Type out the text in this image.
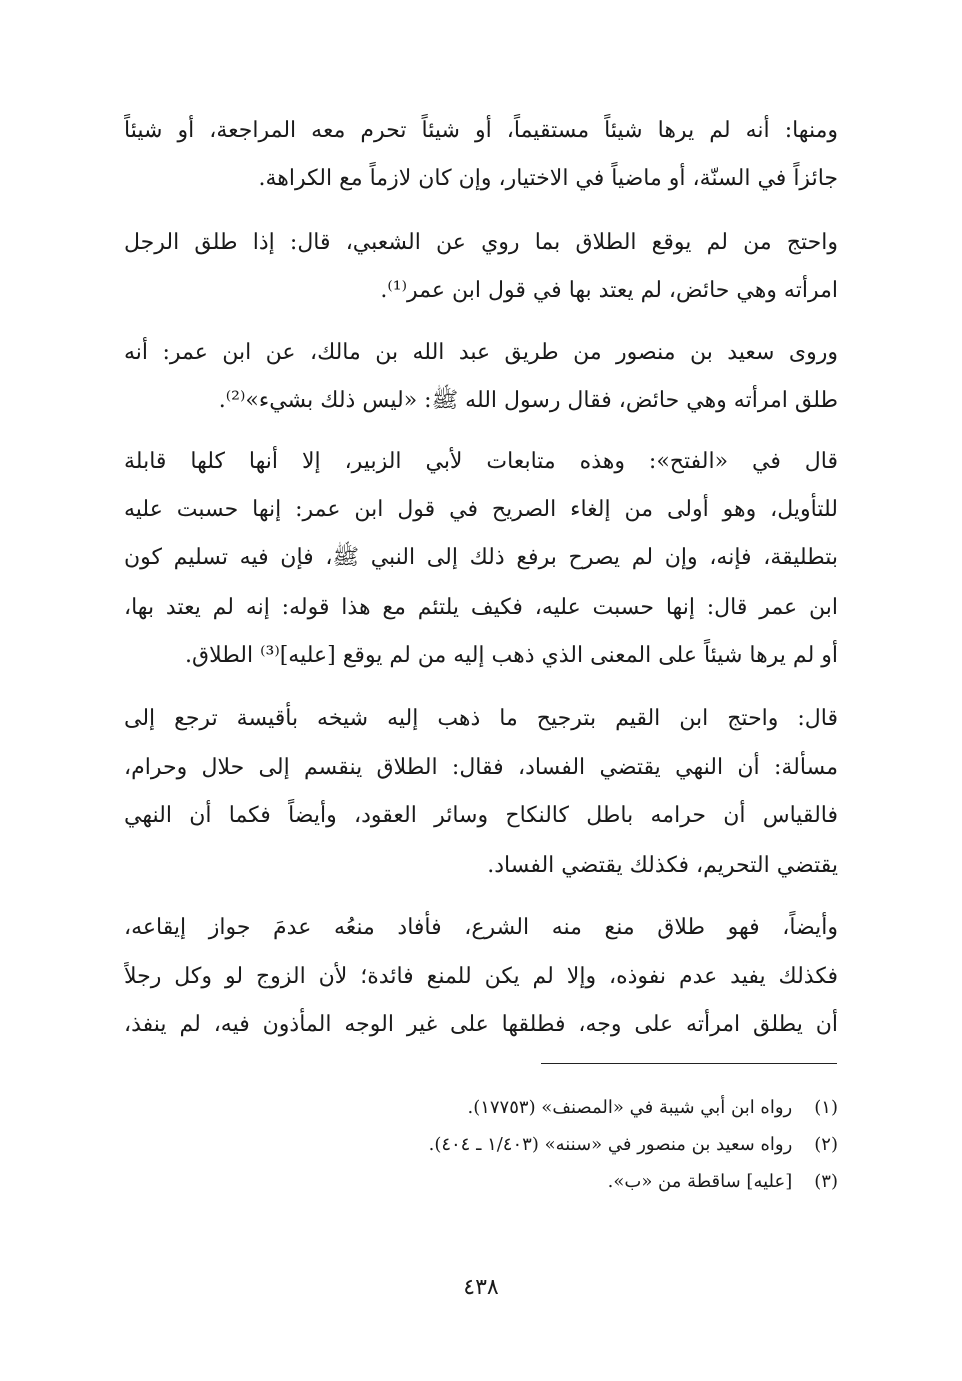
ومنها: أنه لم يرها شيئاً مستقيماً، أو شيئاً تحرم معه المراجعة، أو شيئاً
جائزاً في السنّة، أو ماضياً في الاختيار، وإن كان لازماً مع الكراهة.
واحتج من لم يوقع الطلاق بما روي عن الشعبي، قال: إذا طلق الرجل
امرأته وهي حائض، لم يعتد بها في قول ابن عمر⁽¹⁾.
وروى سعيد بن منصور من طريق عبد الله بن مالك، عن ابن عمر: أنه
طلق امرأته وهي حائض، فقال رسول الله ﷺ: «ليس ذلك بشيء»⁽²⁾.
قال في «الفتح»: وهذه متابعات لأبي الزبير، إلا أنها كلها قابلة
للتأويل، وهو أولى من إلغاء الصريح في قول ابن عمر: إنها حسبت عليه
بتطليقة، فإنه، وإن لم يصرح برفع ذلك إلى النبي ﷺ، فإن فيه تسليم كون
ابن عمر قال: إنها حسبت عليه، فكيف يلتئم مع هذا قوله: إنه لم يعتد بها،
أو لم يرها شيئاً على المعنى الذي ذهب إليه من لم يوقع [عليه]⁽³⁾ الطلاق.
قال: واحتج ابن القيم بترجيح ما ذهب إليه شيخه بأقيسة ترجع إلى
مسألة: أن النهي يقتضي الفساد، فقال: الطلاق ينقسم إلى حلال وحرام،
فالقياس أن حرامه باطل كالنكاح وسائر العقود، وأيضاً فكما أن النهي
يقتضي التحريم، فكذلك يقتضي الفساد.
وأيضاً، فهو طلاق منع منه الشرع، فأفاد منعُه عدمَ جواز إيقاعه،
فكذلك يفيد عدم نفوذه، وإلا لم يكن للمنع فائدة؛ لأن الزوج لو وكل رجلاً
أن يطلق امرأته على وجه، فطلقها على غير الوجه المأذون فيه، لم ينفذ،
(١) رواه ابن أبي شيبة في «المصنف» (١٧٧٥٣).
(٢) رواه سعيد بن منصور في «سننه» (١/٤٠٣ ـ ٤٠٤).
(٣) [عليه] ساقطة من «ب».
٤٣٨
